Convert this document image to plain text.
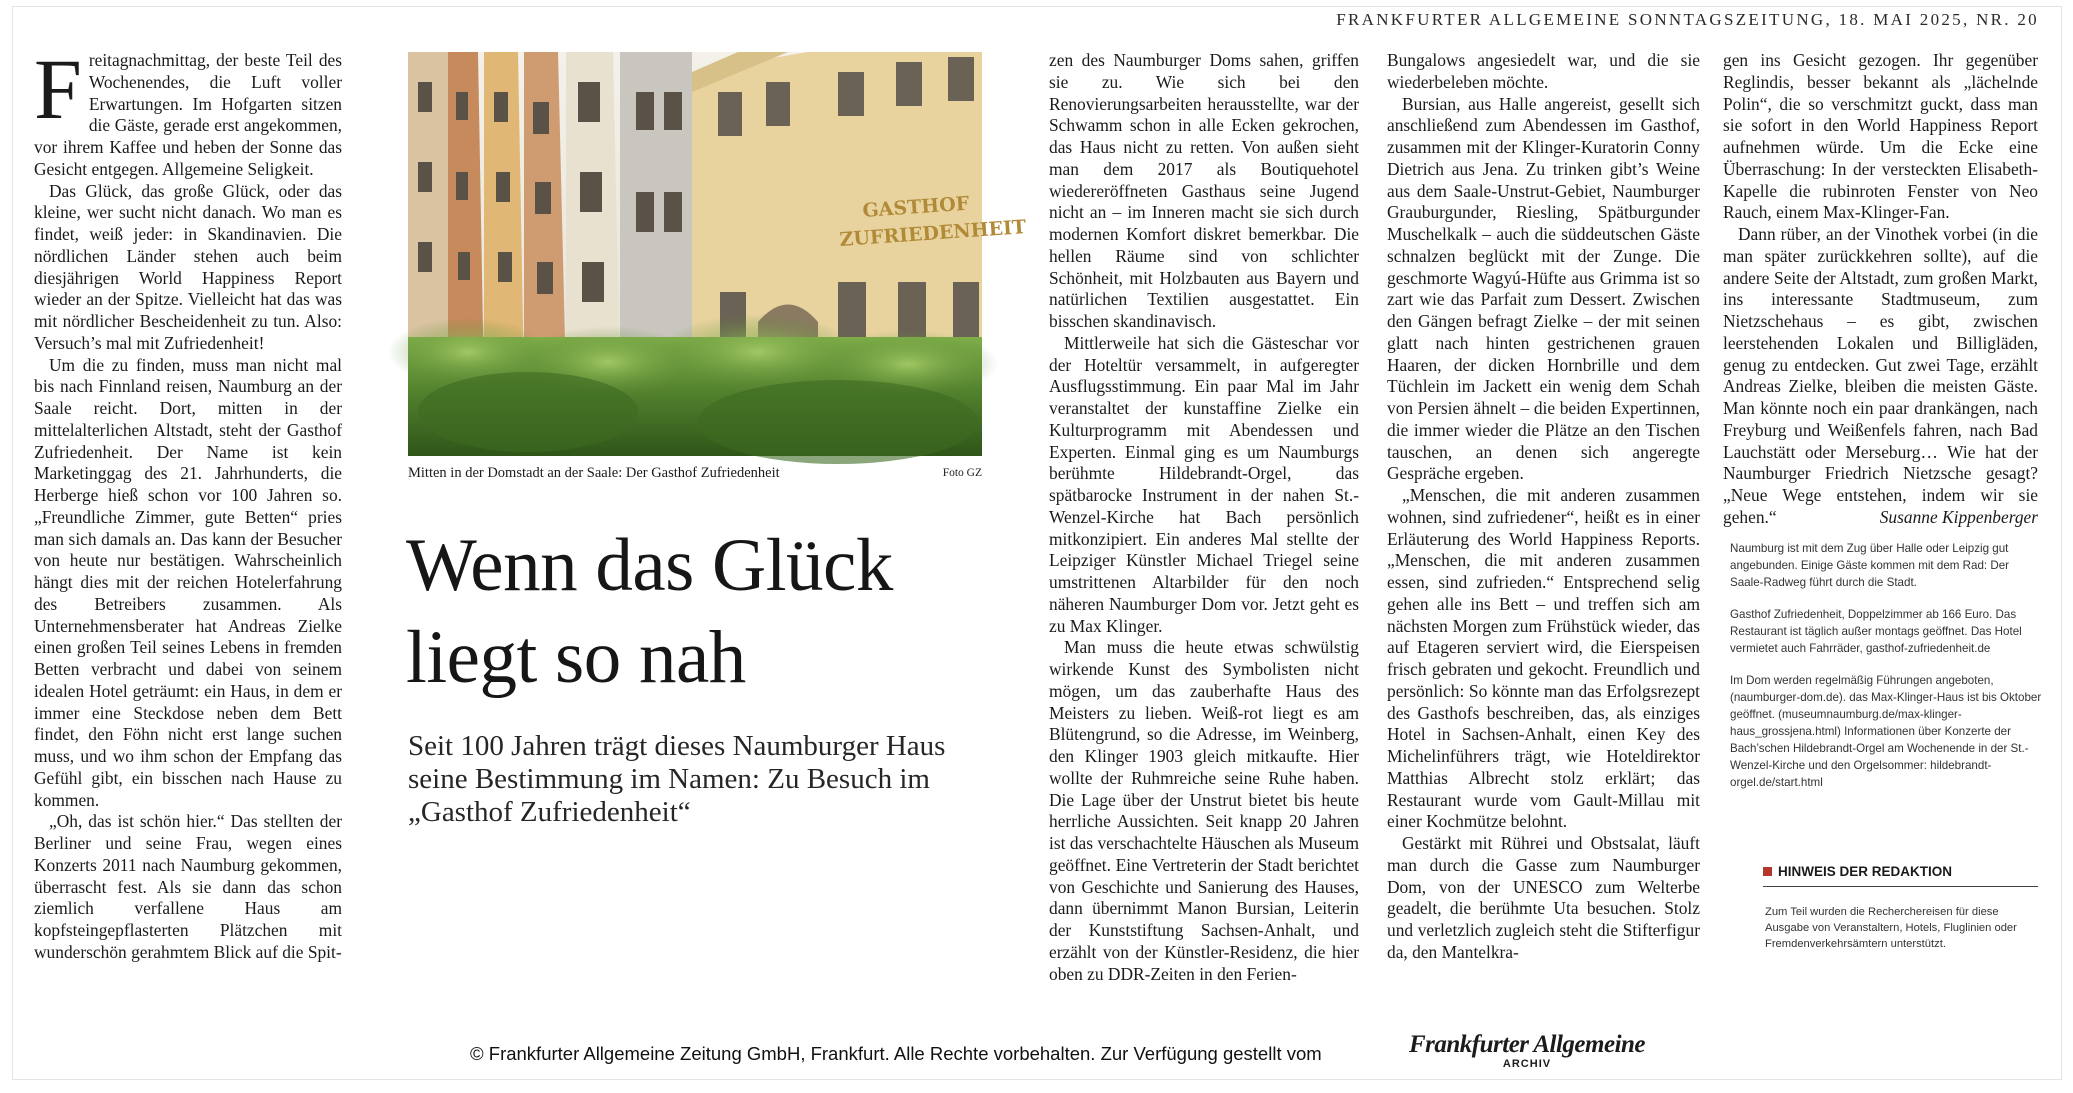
FRANKFURTER ALLGEMEINE SONNTAGSZEITUNG, 18. MAI 2025, NR. 20

Freitagnachmittag, der beste Teil des Wochenendes, die Luft voller Erwartungen. Im Hofgarten sitzen die Gäste, gerade erst angekommen, vor ihrem Kaffee und heben der Sonne das Gesicht entgegen. Allgemeine Seligkeit.

Das Glück, das große Glück, oder das kleine, wer sucht nicht danach. Wo man es findet, weiß jeder: in Skandinavien. Die nördlichen Länder stehen auch beim diesjährigen World Happiness Report wieder an der Spitze. Vielleicht hat das was mit nördlicher Bescheidenheit zu tun. Also: Versuch’s mal mit Zufriedenheit!

Um die zu finden, muss man nicht mal bis nach Finnland reisen, Naumburg an der Saale reicht. Dort, mitten in der mittelalterlichen Altstadt, steht der Gasthof Zufriedenheit. Der Name ist kein Marketinggag des 21. Jahrhunderts, die Herberge hieß schon vor 100 Jahren so. „Freundliche Zimmer, gute Betten“ pries man sich damals an. Das kann der Besucher von heute nur bestätigen. Wahrscheinlich hängt dies mit der reichen Hotelerfahrung des Betreibers zusammen. Als Unternehmensberater hat Andreas Zielke einen großen Teil seines Lebens in fremden Betten verbracht und dabei von seinem idealen Hotel geträumt: ein Haus, in dem er immer eine Steckdose neben dem Bett findet, den Föhn nicht erst lange suchen muss, und wo ihm schon der Empfang das Gefühl gibt, ein bisschen nach Hause zu kommen.

„Oh, das ist schön hier.“ Das stellten der Berliner und seine Frau, wegen eines Konzerts 2011 nach Naumburg gekommen, überrascht fest. Als sie dann das schon ziemlich verfallene Haus am kopfsteingepflasterten Plätzchen mit wunderschön gerahmtem Blick auf die Spit-

GASTHOF
ZUFRIEDENHEIT
Mitten in der Domstadt an der Saale: Der Gasthof Zufriedenheit	Foto GZ
Wenn das Glück liegt so nah
Seit 100 Jahren trägt dieses Naumburger Haus seine Bestimmung im Namen: Zu Besuch im „Gasthof Zufriedenheit“

zen des Naumburger Doms sahen, griffen sie zu. Wie sich bei den Renovierungsarbeiten herausstellte, war der Schwamm schon in alle Ecken gekrochen, das Haus nicht zu retten. Von außen sieht man dem 2017 als Boutiquehotel wiedereröffneten Gasthaus seine Jugend nicht an – im Inneren macht sie sich durch modernen Komfort diskret bemerkbar. Die hellen Räume sind von schlichter Schönheit, mit Holzbauten aus Bayern und natürlichen Textilien ausgestattet. Ein bisschen skandinavisch.

Mittlerweile hat sich die Gästeschar vor der Hoteltür versammelt, in aufgeregter Ausflugsstimmung. Ein paar Mal im Jahr veranstaltet der kunstaffine Zielke ein Kulturprogramm mit Abendessen und Experten. Einmal ging es um Naumburgs berühmte Hildebrandt-Orgel, das spätbarocke Instrument in der nahen St.-Wenzel-Kirche hat Bach persönlich mitkonzipiert. Ein anderes Mal stellte der Leipziger Künstler Michael Triegel seine umstrittenen Altarbilder für den noch näheren Naumburger Dom vor. Jetzt geht es zu Max Klinger.

Man muss die heute etwas schwülstig wirkende Kunst des Symbolisten nicht mögen, um das zauberhafte Haus des Meisters zu lieben. Weiß-rot liegt es am Blütengrund, so die Adresse, im Weinberg, den Klinger 1903 gleich mitkaufte. Hier wollte der Ruhmreiche seine Ruhe haben. Die Lage über der Unstrut bietet bis heute herrliche Aussichten. Seit knapp 20 Jahren ist das verschachtelte Häuschen als Museum geöffnet. Eine Vertreterin der Stadt berichtet von Geschichte und Sanierung des Hauses, dann übernimmt Manon Bursian, Leiterin der Kunststiftung Sachsen-Anhalt, und erzählt von der Künstler-Residenz, die hier oben zu DDR-Zeiten in den Ferien-

Bungalows angesiedelt war, und die sie wiederbeleben möchte.

Bursian, aus Halle angereist, gesellt sich anschließend zum Abendessen im Gasthof, zusammen mit der Klinger-Kuratorin Conny Dietrich aus Jena. Zu trinken gibt’s Weine aus dem Saale-Unstrut-Gebiet, Naumburger Grauburgunder, Riesling, Spätburgunder Muschelkalk – auch die süddeutschen Gäste schnalzen beglückt mit der Zunge. Die geschmorte Wagyú-Hüfte aus Grimma ist so zart wie das Parfait zum Dessert. Zwischen den Gängen befragt Zielke – der mit seinen glatt nach hinten gestrichenen grauen Haaren, der dicken Hornbrille und dem Tüchlein im Jackett ein wenig dem Schah von Persien ähnelt – die beiden Expertinnen, die immer wieder die Plätze an den Tischen tauschen, an denen sich angeregte Gespräche ergeben.

„Menschen, die mit anderen zusammen wohnen, sind zufriedener“, heißt es in einer Erläuterung des World Happiness Reports. „Menschen, die mit anderen zusammen essen, sind zufrieden.“ Entsprechend selig gehen alle ins Bett – und treffen sich am nächsten Morgen zum Frühstück wieder, das auf Etageren serviert wird, die Eierspeisen frisch gebraten und gekocht. Freundlich und persönlich: So könnte man das Erfolgsrezept des Gasthofs beschreiben, das, als einziges Hotel in Sachsen-Anhalt, einen Key des Michelinführers trägt, wie Hoteldirektor Matthias Albrecht stolz erklärt; das Restaurant wurde vom Gault-Millau mit einer Kochmütze belohnt.

Gestärkt mit Rührei und Obstsalat, läuft man durch die Gasse zum Naumburger Dom, von der UNESCO zum Welterbe geadelt, die berühmte Uta besuchen. Stolz und verletzlich zugleich steht die Stifterfigur da, den Mantelkra-

gen ins Gesicht gezogen. Ihr gegenüber Reglindis, besser bekannt als „lächelnde Polin“, die so verschmitzt guckt, dass man sie sofort in den World Happiness Report aufnehmen würde. Um die Ecke eine Überraschung: In der versteckten Elisabeth-Kapelle die rubinroten Fenster von Neo Rauch, einem Max-Klinger-Fan.

Dann rüber, an der Vinothek vorbei (in die man später zurückkehren sollte), auf die andere Seite der Altstadt, zum großen Markt, ins interessante Stadtmuseum, zum Nietzschehaus – es gibt, zwischen leerstehenden Lokalen und Billigläden, genug zu entdecken. Gut zwei Tage, erzählt Andreas Zielke, bleiben die meisten Gäste. Man könnte noch ein paar drankängen, nach Freyburg und Weißenfels fahren, nach Bad Lauchstätt oder Merseburg… Wie hat der Naumburger Friedrich Nietzsche gesagt? „Neue Wege entstehen, indem wir sie gehen.“	Susanne Kippenberger

Naumburg ist mit dem Zug über Halle oder Leipzig gut angebunden. Einige Gäste kommen mit dem Rad: Der Saale-Radweg führt durch die Stadt.

Gasthof Zufriedenheit, Doppelzimmer ab 166 Euro. Das Restaurant ist täglich außer montags geöffnet. Das Hotel vermietet auch Fahrräder, gasthof-zufriedenheit.de

Im Dom werden regelmäßig Führungen angeboten, (naumburger-dom.de). das Max-Klinger-Haus ist bis Oktober geöffnet. (museumnaumburg.de/max-klinger-haus_grossjena.html) Informationen über Konzerte der Bach’schen Hildebrandt-Orgel am Wochenende in der St.-Wenzel-Kirche und den Orgelsommer: hildebrandt-orgel.de/start.html

HINWEIS DER REDAKTION
Zum Teil wurden die Recherchereisen für diese Ausgabe von Veranstaltern, Hotels, Fluglinien oder Fremdenverkehrsämtern unterstützt.
© Frankfurter Allgemeine Zeitung GmbH, Frankfurt. Alle Rechte vorbehalten. Zur Verfügung gestellt vom	Frankfurter Allgemeine
ARCHIV
